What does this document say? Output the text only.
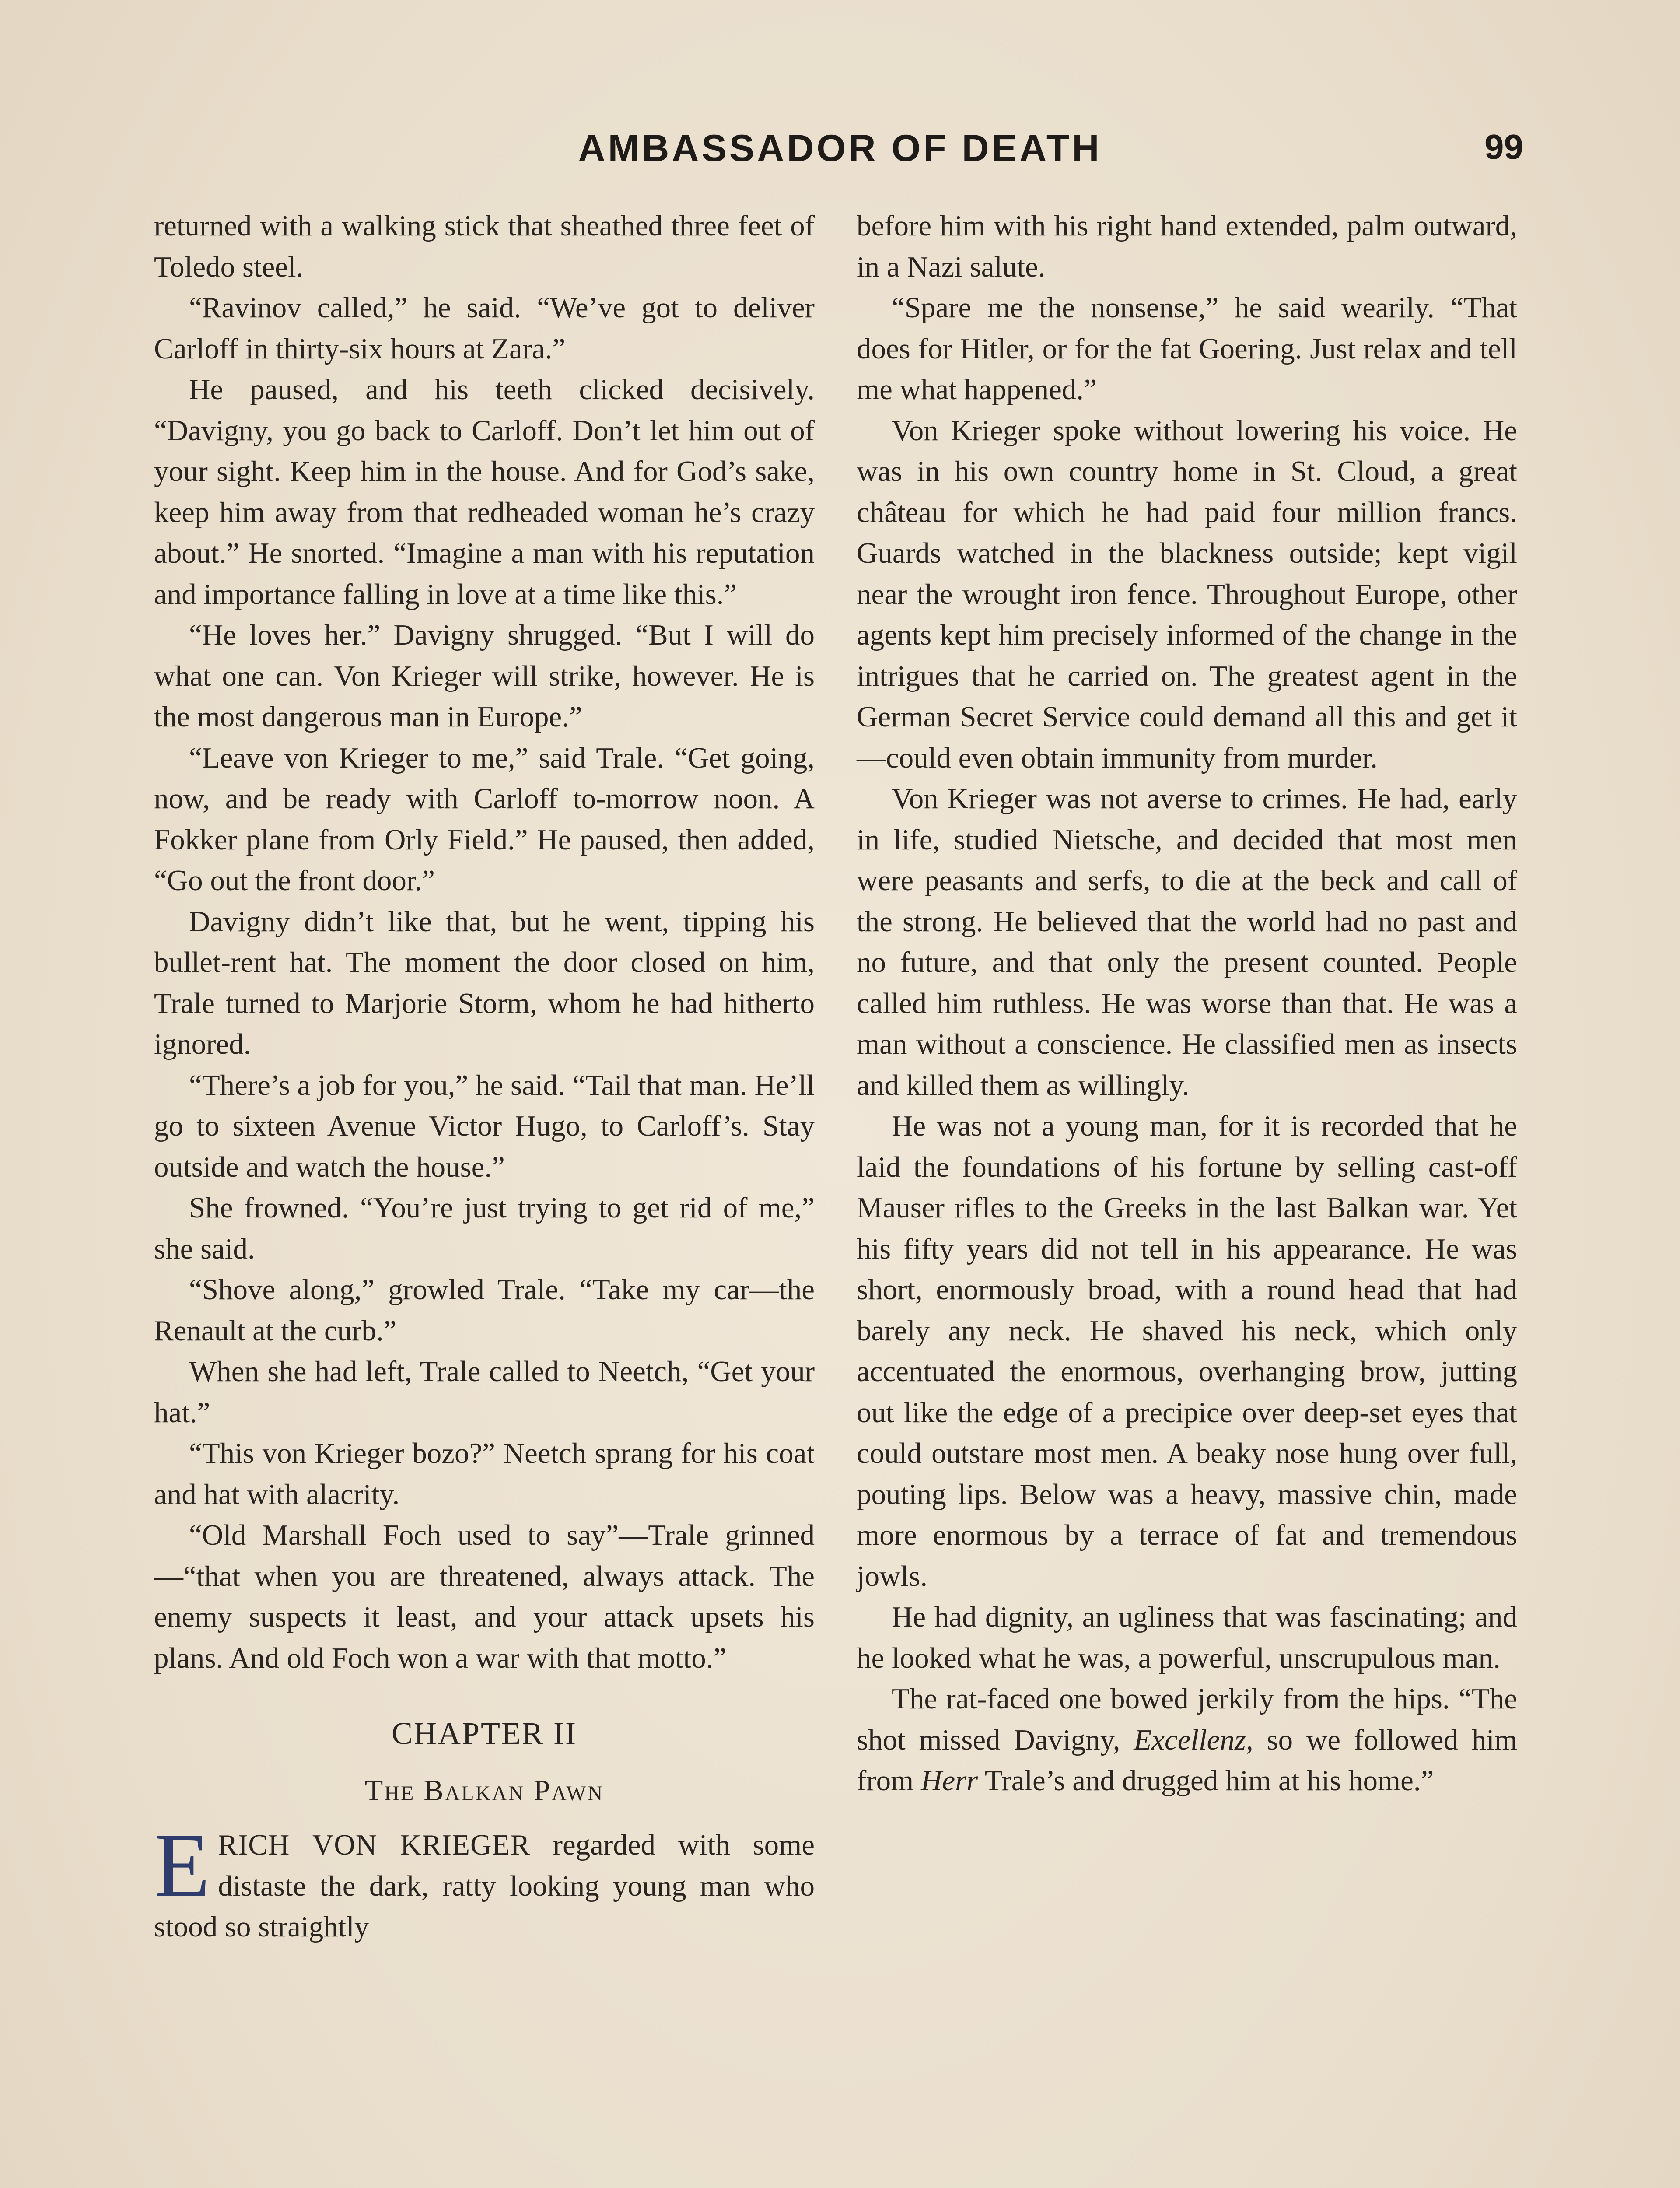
AMBASSADOR OF DEATH	99

returned with a walking stick that sheathed three feet of Toledo steel.

“Ravinov called,” he said. “We’ve got to deliver Carloff in thirty-six hours at Zara.”

He paused, and his teeth clicked decisively. “Davigny, you go back to Carloff. Don’t let him out of your sight. Keep him in the house. And for God’s sake, keep him away from that redheaded woman he’s crazy about.” He snorted. “Imagine a man with his reputation and importance falling in love at a time like this.”

“He loves her.” Davigny shrugged. “But I will do what one can. Von Krieger will strike, however. He is the most dangerous man in Europe.”

“Leave von Krieger to me,” said Trale. “Get going, now, and be ready with Carloff to-morrow noon. A Fokker plane from Orly Field.” He paused, then added, “Go out the front door.”

Davigny didn’t like that, but he went, tipping his bullet-rent hat. The moment the door closed on him, Trale turned to Marjorie Storm, whom he had hitherto ignored.

“There’s a job for you,” he said. “Tail that man. He’ll go to sixteen Avenue Victor Hugo, to Carloff’s. Stay outside and watch the house.”

She frowned. “You’re just trying to get rid of me,” she said.

“Shove along,” growled Trale. “Take my car—the Renault at the curb.”

When she had left, Trale called to Neetch, “Get your hat.”

“This von Krieger bozo?” Neetch sprang for his coat and hat with alacrity.

“Old Marshall Foch used to say”—Trale grinned—“that when you are threatened, always attack. The enemy suspects it least, and your attack upsets his plans. And old Foch won a war with that motto.”

CHAPTER II
The Balkan Pawn

ERICH VON KRIEGER regarded with some distaste the dark, ratty looking young man who stood so straightly

before him with his right hand extended, palm outward, in a Nazi salute.

“Spare me the nonsense,” he said wearily. “That does for Hitler, or for the fat Goering. Just relax and tell me what happened.”

Von Krieger spoke without lowering his voice. He was in his own country home in St. Cloud, a great château for which he had paid four million francs. Guards watched in the blackness outside; kept vigil near the wrought iron fence. Throughout Europe, other agents kept him precisely informed of the change in the intrigues that he carried on. The greatest agent in the German Secret Service could demand all this and get it—could even obtain immunity from murder.

Von Krieger was not averse to crimes. He had, early in life, studied Nietsche, and decided that most men were peasants and serfs, to die at the beck and call of the strong. He believed that the world had no past and no future, and that only the present counted. People called him ruthless. He was worse than that. He was a man without a conscience. He classified men as insects and killed them as willingly.

He was not a young man, for it is recorded that he laid the foundations of his fortune by selling cast-off Mauser rifles to the Greeks in the last Balkan war. Yet his fifty years did not tell in his appearance. He was short, enormously broad, with a round head that had barely any neck. He shaved his neck, which only accentuated the enormous, overhanging brow, jutting out like the edge of a precipice over deep-set eyes that could outstare most men. A beaky nose hung over full, pouting lips. Below was a heavy, massive chin, made more enormous by a terrace of fat and tremendous jowls.

He had dignity, an ugliness that was fascinating; and he looked what he was, a powerful, unscrupulous man.

The rat-faced one bowed jerkily from the hips. “The shot missed Davigny, Excellenz, so we followed him from Herr Trale’s and drugged him at his home.”
